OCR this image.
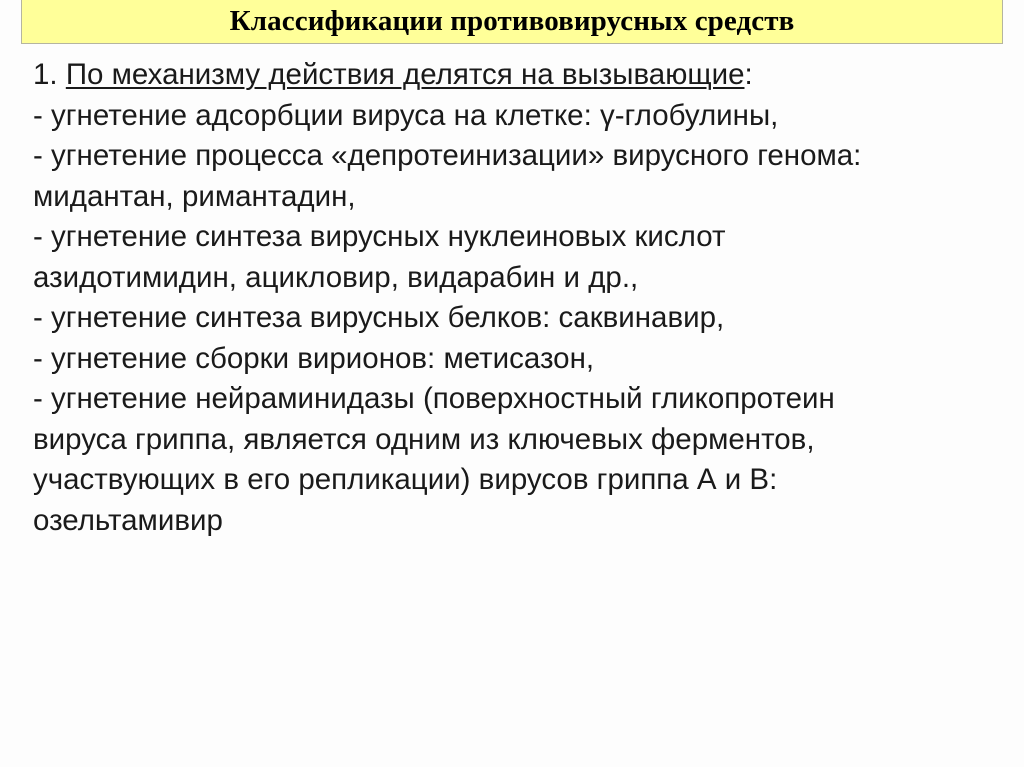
Классификации противовирусных средств
1. По механизму действия делятся на вызывающие:
- угнетение адсорбции вируса на клетке: γ-глобулины,
- угнетение процесса «депротеинизации» вирусного генома:
мидантан, римантадин,
- угнетение синтеза вирусных нуклеиновых кислот
азидотимидин, ацикловир, видарабин и др.,
- угнетение синтеза вирусных белков: саквинавир,
- угнетение сборки вирионов: метисазон,
- угнетение нейраминидазы (поверхностный гликопротеин
вируса гриппа, является одним из ключевых ферментов,
участвующих в его репликации) вирусов гриппа А и В:
озельтамивир
